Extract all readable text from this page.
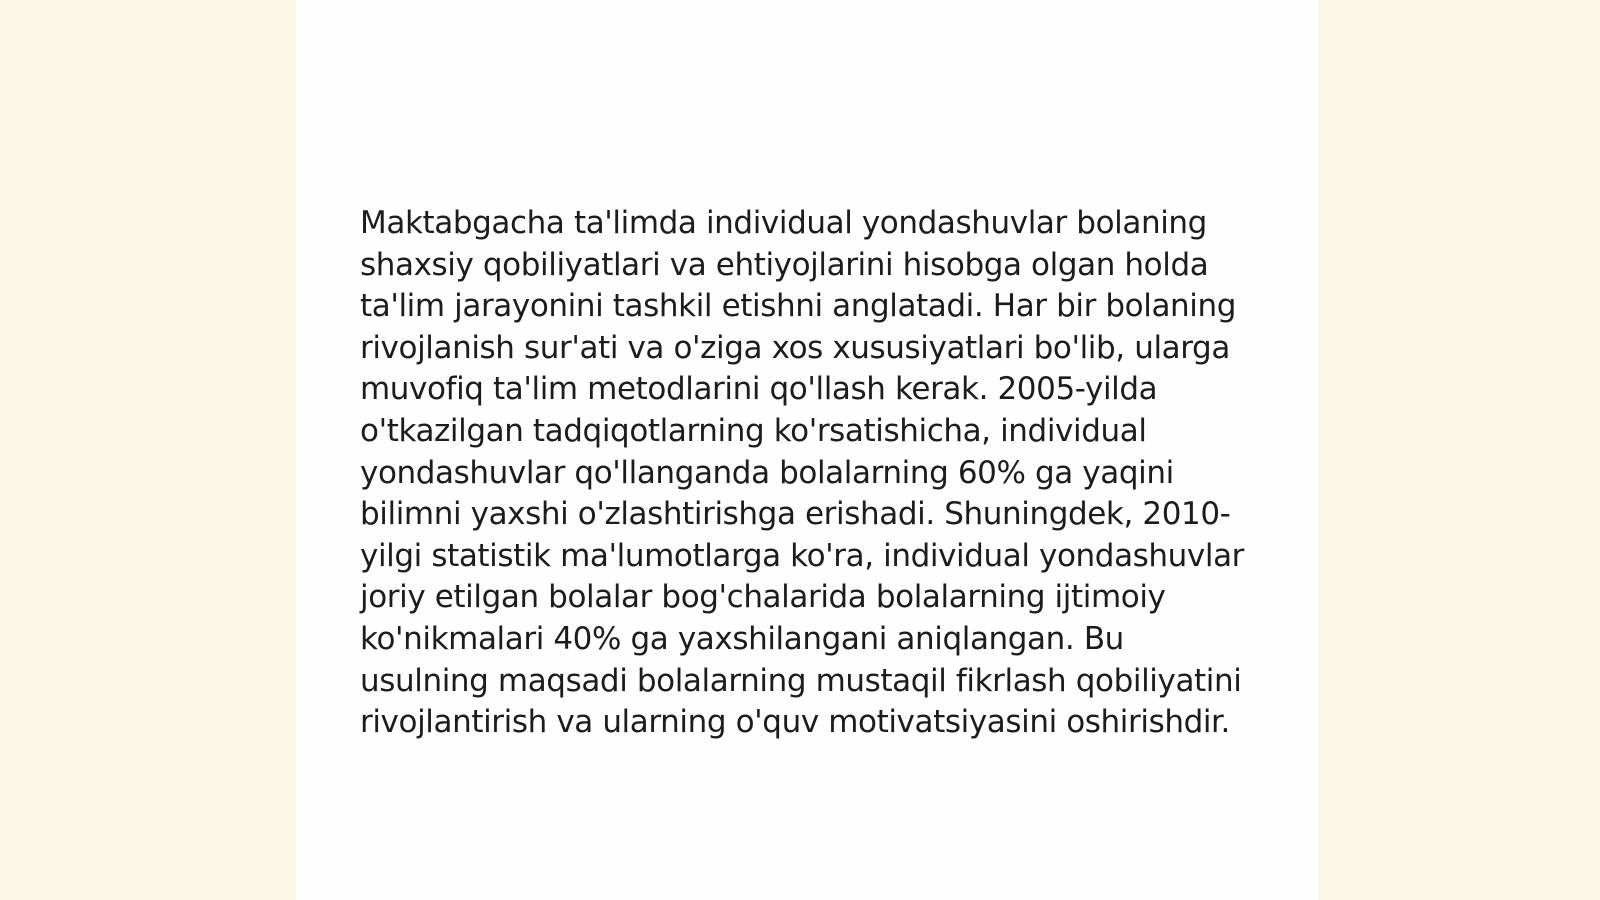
Maktabgacha ta'limda individual yondashuvlar bolaning shaxsiy qobiliyatlari va ehtiyojlarini hisobga olgan holda ta'lim jarayonini tashkil etishni anglatadi. Har bir bolaning rivojlanish sur'ati va o'ziga xos xususiyatlari bo'lib, ularga muvofiq ta'lim metodlarini qo'llash kerak. 2005-yilda o'tkazilgan tadqiqotlarning ko'rsatishicha, individual yondashuvlar qo'llanganda bolalarning 60% ga yaqini bilimni yaxshi o'zlashtirishga erishadi. Shuningdek, 2010-yilgi statistik ma'lumotlarga ko'ra, individual yondashuvlar joriy etilgan bolalar bog'chalarida bolalarning ijtimoiy ko'nikmalari 40% ga yaxshilangani aniqlangan. Bu usulning maqsadi bolalarning mustaqil fikrlash qobiliyatini rivojlantirish va ularning o'quv motivatsiyasini oshirishdir.
